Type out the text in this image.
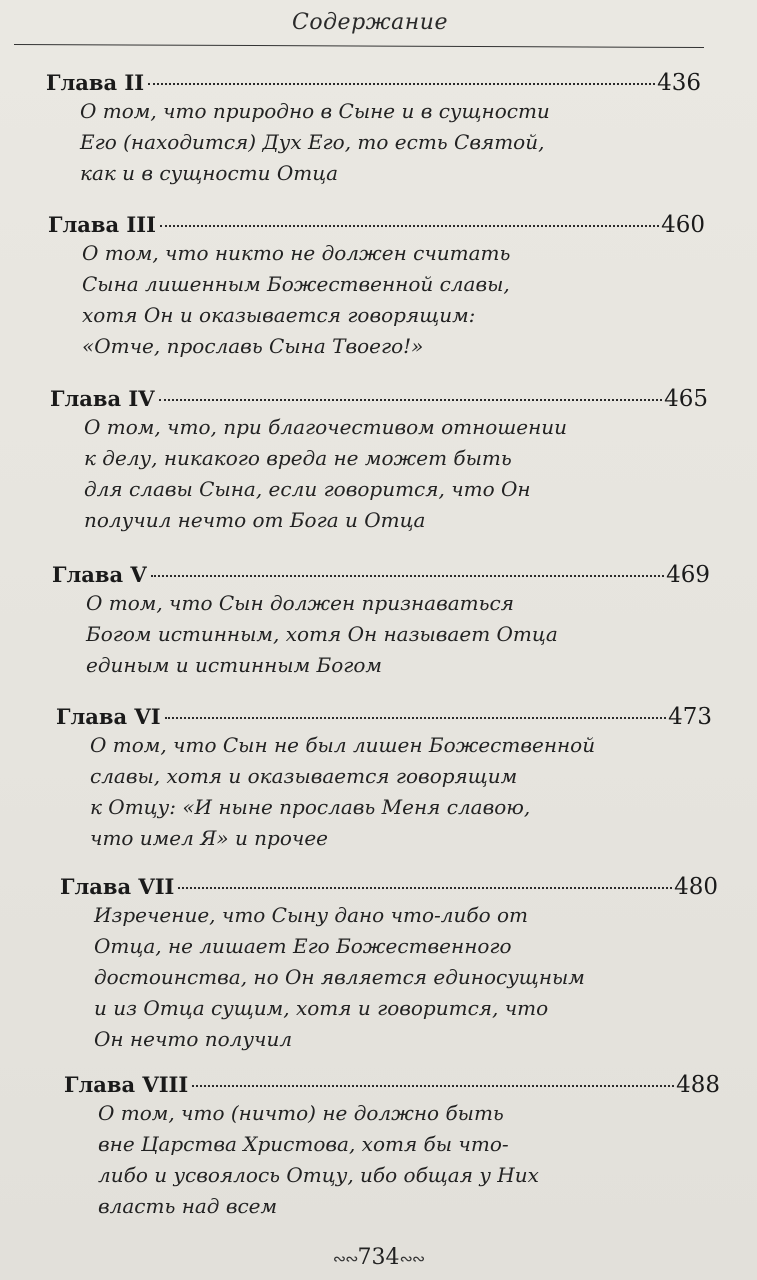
Содержание
Глава II	436
О том, что природно в Сыне и в сущности
Его (находится) Дух Его, то есть Святой,
как и в сущности Отца
Глава III	460
О том, что никто не должен считать
Сына лишенным Божественной славы,
хотя Он и оказывается говорящим:
«Отче, прославь Сына Твоего!»
Глава IV	465
О том, что, при благочестивом отношении
к делу, никакого вреда не может быть
для славы Сына, если говорится, что Он
получил нечто от Бога и Отца
Глава V	469
О том, что Сын должен признаваться
Богом истинным, хотя Он называет Отца
единым и истинным Богом
Глава VI	473
О том, что Сын не был лишен Божественной
славы, хотя и оказывается говорящим
к Отцу: «И ныне прославь Меня славою,
что имел Я» и прочее
Глава VII	480
Изречение, что Сыну дано что-либо от
Отца, не лишает Его Божественного
достоинства, но Он является единосущным
и из Отца сущим, хотя и говорится, что
Он нечто получил
Глава VIII	488
О том, что (ничто) не должно быть
вне Царства Христова, хотя бы что-
либо и усвоялось Отцу, ибо общая у Них
власть над всем
∾∾734∾∾
